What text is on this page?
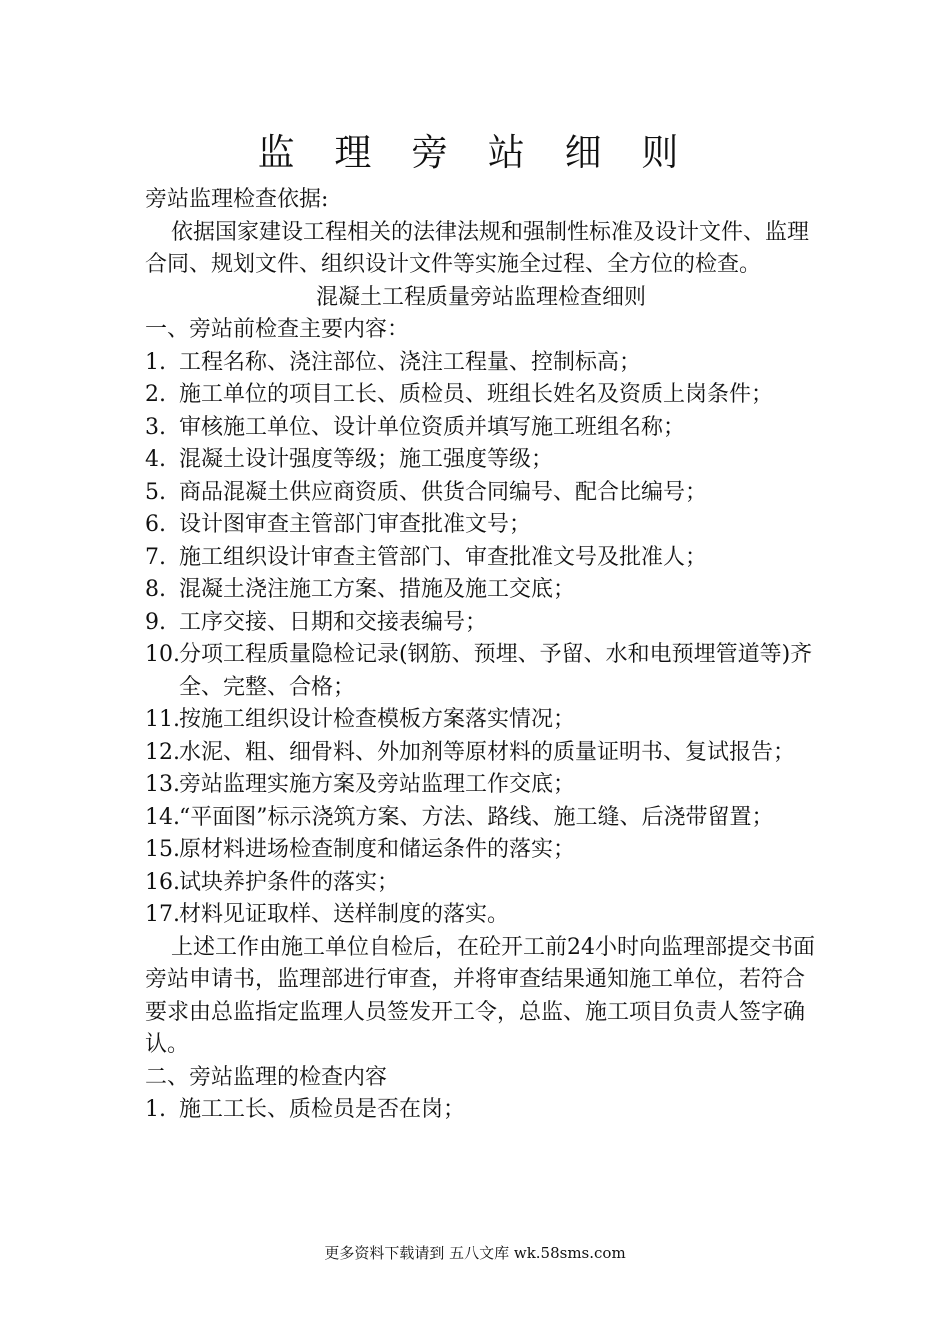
监 理 旁 站 细 则

旁站监理检查依据:

依据国家建设工程相关的法律法规和强制性标准及设计文件、监理合同、规划文件、组织设计文件等实施全过程、全方位的检查。

混凝土工程质量旁站监理检查细则

一、旁站前检查主要内容：

1. 工程名称、浇注部位、浇注工程量、控制标高；
2. 施工单位的项目工长、质检员、班组长姓名及资质上岗条件；
3. 审核施工单位、设计单位资质并填写施工班组名称；
4. 混凝土设计强度等级；施工强度等级；
5. 商品混凝土供应商资质、供货合同编号、配合比编号；
6. 设计图审查主管部门审查批准文号；
7. 施工组织设计审查主管部门、审查批准文号及批准人；
8. 混凝土浇注施工方案、措施及施工交底；
9. 工序交接、日期和交接表编号；
10. 分项工程质量隐检记录(钢筋、预埋、予留、水和电预埋管道等)齐全、完整、合格；
11. 按施工组织设计检查模板方案落实情况；
12. 水泥、粗、细骨料、外加剂等原材料的质量证明书、复试报告；
13. 旁站监理实施方案及旁站监理工作交底；
14. “平面图”标示浇筑方案、方法、路线、施工缝、后浇带留置；
15. 原材料进场检查制度和储运条件的落实；
16. 试块养护条件的落实；
17. 材料见证取样、送样制度的落实。

上述工作由施工单位自检后，在砼开工前24小时向监理部提交书面旁站申请书，监理部进行审查，并将审查结果通知施工单位，若符合要求由总监指定监理人员签发开工令，总监、施工项目负责人签字确认。

二、旁站监理的检查内容

1. 施工工长、质检员是否在岗；
更多资料下载请到 五八文库 wk.58sms.com
